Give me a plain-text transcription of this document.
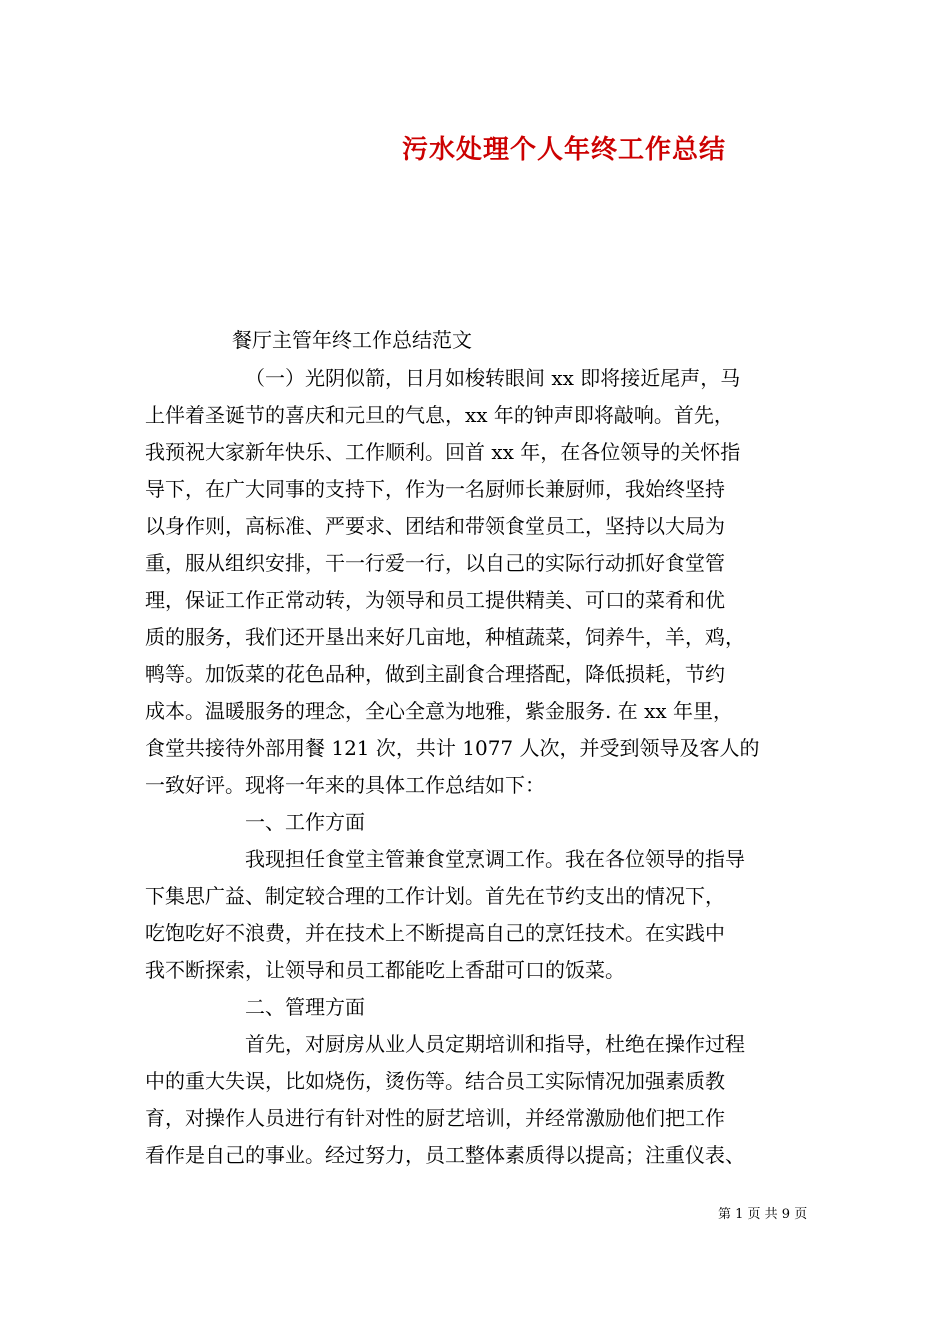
污水处理个人年终工作总结
餐厅主管年终工作总结范文
（一）光阴似箭，日月如梭转眼间 xx 即将接近尾声，马
上伴着圣诞节的喜庆和元旦的气息，xx 年的钟声即将敲响。首先，
我预祝大家新年快乐、工作顺利。回首 xx 年，在各位领导的关怀指
导下，在广大同事的支持下，作为一名厨师长兼厨师，我始终坚持
以身作则，高标准、严要求、团结和带领食堂员工，坚持以大局为
重，服从组织安排，干一行爱一行，以自己的实际行动抓好食堂管
理，保证工作正常动转，为领导和员工提供精美、可口的菜肴和优
质的服务，我们还开垦出来好几亩地，种植蔬菜，饲养牛，羊，鸡，
鸭等。加饭菜的花色品种，做到主副食合理搭配，降低损耗，节约
成本。温暖服务的理念，全心全意为地雅，紫金服务. 在 xx 年里，
食堂共接待外部用餐 121 次，共计 1077 人次，并受到领导及客人的
一致好评。现将一年来的具体工作总结如下：
一、工作方面
我现担任食堂主管兼食堂烹调工作。我在各位领导的指导
下集思广益、制定较合理的工作计划。首先在节约支出的情况下，
吃饱吃好不浪费，并在技术上不断提高自己的烹饪技术。在实践中
我不断探索，让领导和员工都能吃上香甜可口的饭菜。
二、管理方面
首先，对厨房从业人员定期培训和指导，杜绝在操作过程
中的重大失误，比如烧伤，烫伤等。结合员工实际情况加强素质教
育，对操作人员进行有针对性的厨艺培训，并经常激励他们把工作
看作是自己的事业。经过努力，员工整体素质得以提高；注重仪表、
第 1 页 共 9 页
